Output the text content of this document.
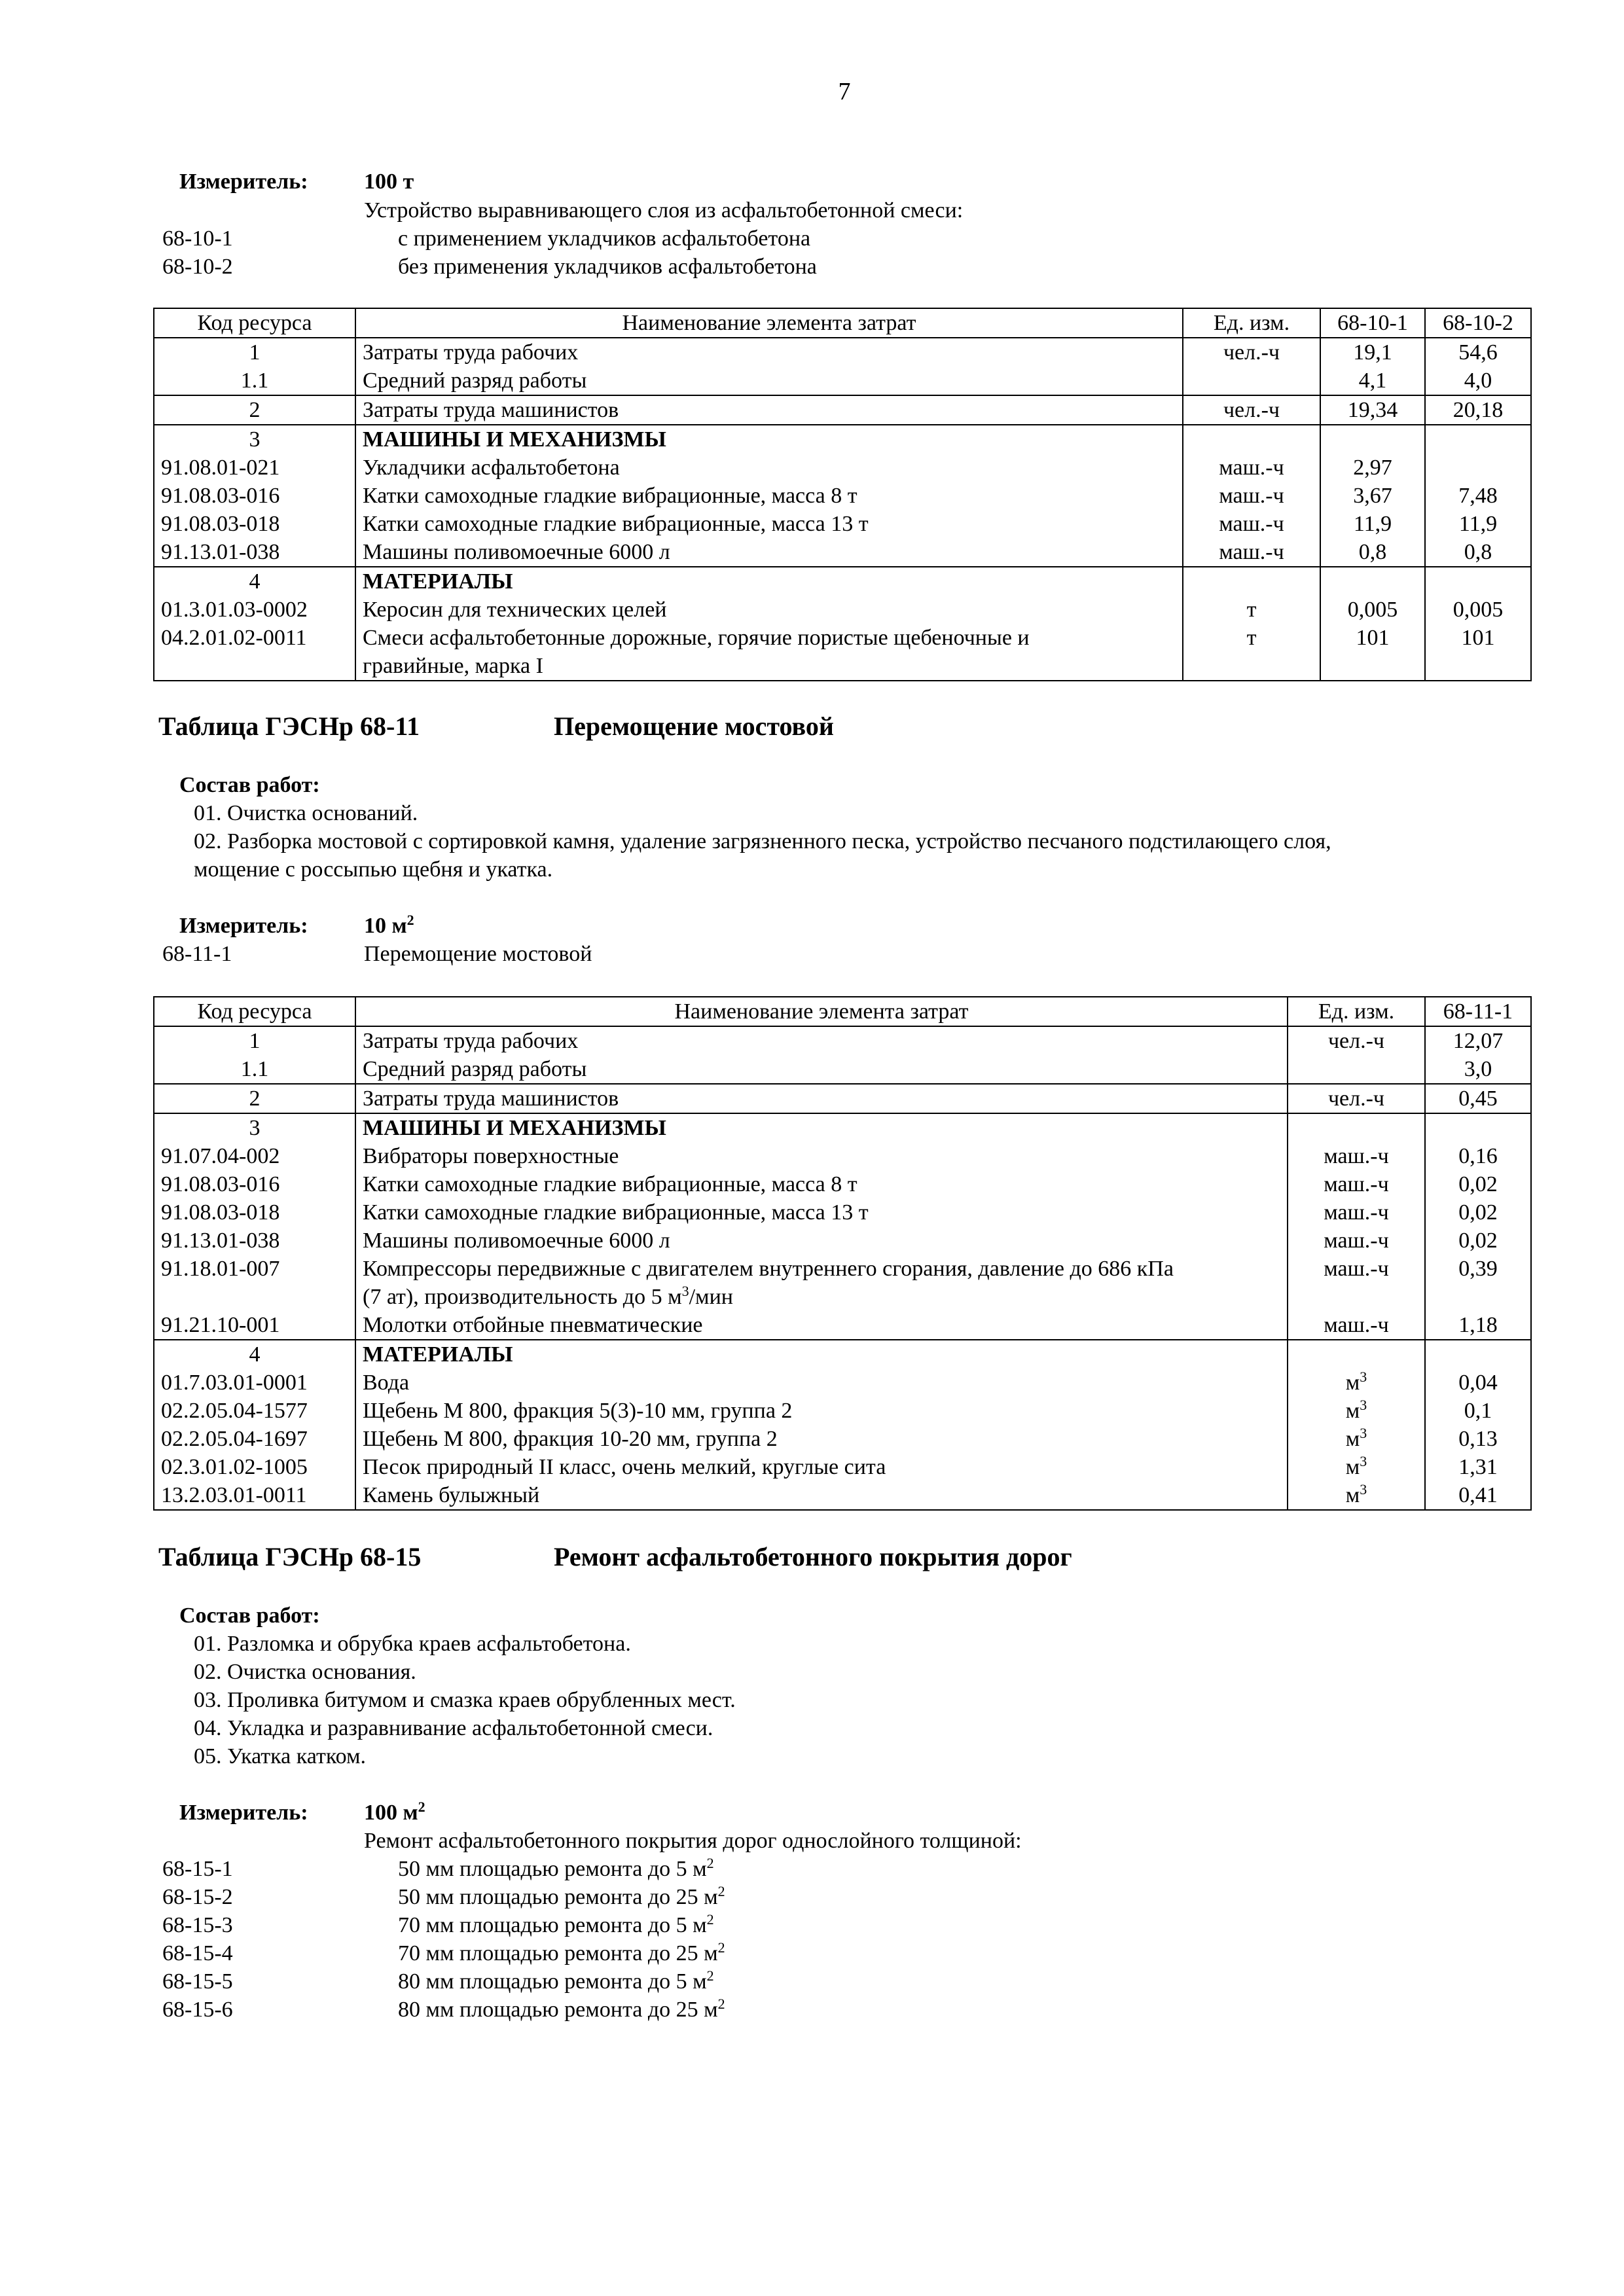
7
Измеритель:	100 т
Устройство выравнивающего слоя из асфальтобетонной смеси:
68-10-1	с применением укладчиков асфальтобетона
68-10-2	без применения укладчиков асфальтобетона
Код ресурса	Наименование элемента затрат	Ед. изм.	68-10-1	68-10-2
1	Затраты труда рабочих	чел.-ч	19,1	54,6
1.1	Средний разряд работы		4,1	4,0
2	Затраты труда машинистов	чел.-ч	19,34	20,18
3	МАШИНЫ И МЕХАНИЗМЫ			
91.08.01-021	Укладчики асфальтобетона	маш.-ч	2,97	
91.08.03-016	Катки самоходные гладкие вибрационные, масса 8 т	маш.-ч	3,67	7,48
91.08.03-018	Катки самоходные гладкие вибрационные, масса 13 т	маш.-ч	11,9	11,9
91.13.01-038	Машины поливомоечные 6000 л	маш.-ч	0,8	0,8
4	МАТЕРИАЛЫ			
01.3.01.03-0002	Керосин для технических целей	т	0,005	0,005
04.2.01.02-0011	Смеси асфальтобетонные дорожные, горячие пористые щебеночные и	т	101	101
	гравийные, марка I			
Таблица ГЭСНр 68-11	Перемощение мостовой
Состав работ:
01. Очистка оснований.
02. Разборка мостовой с сортировкой камня, удаление загрязненного песка, устройство песчаного подстилающего слоя,
мощение с россыпью щебня и укатка.
Измеритель:	10 $м^2$
68-11-1	Перемощение мостовой
Код ресурса	Наименование элемента затрат	Ед. изм.	68-11-1
1	Затраты труда рабочих	чел.-ч	12,07
1.1	Средний разряд работы		3,0
2	Затраты труда машинистов	чел.-ч	0,45
3	МАШИНЫ И МЕХАНИЗМЫ		
91.07.04-002	Вибраторы поверхностные	маш.-ч	0,16
91.08.03-016	Катки самоходные гладкие вибрационные, масса 8 т	маш.-ч	0,02
91.08.03-018	Катки самоходные гладкие вибрационные, масса 13 т	маш.-ч	0,02
91.13.01-038	Машины поливомоечные 6000 л	маш.-ч	0,02
91.18.01-007	Компрессоры передвижные с двигателем внутреннего сгорания, давление до 686 кПа	маш.-ч	0,39
	(7 ат), производительность до 5 $м^3$/мин		
91.21.10-001	Молотки отбойные пневматические	маш.-ч	1,18
4	МАТЕРИАЛЫ		
01.7.03.01-0001	Вода	$м^3$	0,04
02.2.05.04-1577	Щебень М 800, фракция 5(3)-10 мм, группа 2	$м^3$	0,1
02.2.05.04-1697	Щебень М 800, фракция 10-20 мм, группа 2	$м^3$	0,13
02.3.01.02-1005	Песок природный II класс, очень мелкий, круглые сита	$м^3$	1,31
13.2.03.01-0011	Камень булыжный	$м^3$	0,41
Таблица ГЭСНр 68-15	Ремонт асфальтобетонного покрытия дорог
Состав работ:
01. Разломка и обрубка краев асфальтобетона.
02. Очистка основания.
03. Проливка битумом и смазка краев обрубленных мест.
04. Укладка и разравнивание асфальтобетонной смеси.
05. Укатка катком.
Измеритель:	100 $м^2$
Ремонт асфальтобетонного покрытия дорог однослойного толщиной:
68-15-1	50 мм площадью ремонта до 5 $м^2$
68-15-2	50 мм площадью ремонта до 25 $м^2$
68-15-3	70 мм площадью ремонта до 5 $м^2$
68-15-4	70 мм площадью ремонта до 25 $м^2$
68-15-5	80 мм площадью ремонта до 5 $м^2$
68-15-6	80 мм площадью ремонта до 25 $м^2$
